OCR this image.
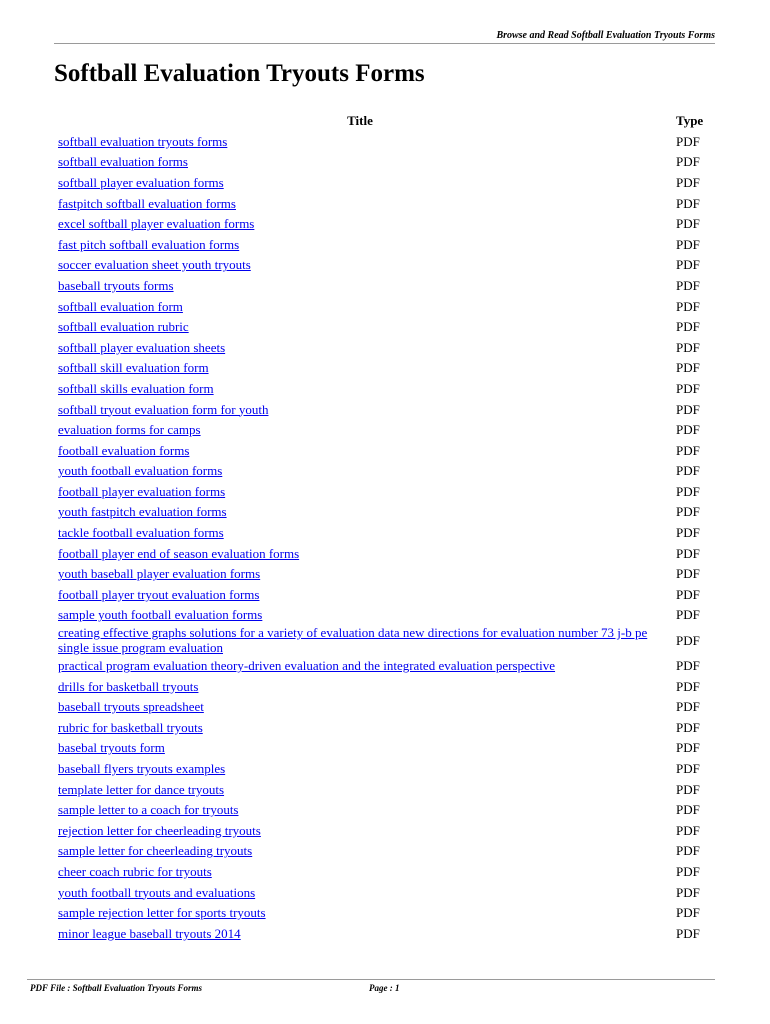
Browse and Read Softball Evaluation Tryouts Forms
Softball Evaluation Tryouts Forms
Title	Type
softball evaluation tryouts forms	PDF
softball evaluation forms	PDF
softball player evaluation forms	PDF
fastpitch softball evaluation forms	PDF
excel softball player evaluation forms	PDF
fast pitch softball evaluation forms	PDF
soccer evaluation sheet youth tryouts	PDF
baseball tryouts forms	PDF
softball evaluation form	PDF
softball evaluation rubric	PDF
softball player evaluation sheets	PDF
softball skill evaluation form	PDF
softball skills evaluation form	PDF
softball tryout evaluation form for youth	PDF
evaluation forms for camps	PDF
football evaluation forms	PDF
youth football evaluation forms	PDF
football player evaluation forms	PDF
youth fastpitch evaluation forms	PDF
tackle football evaluation forms	PDF
football player end of season evaluation forms	PDF
youth baseball player evaluation forms	PDF
football player tryout evaluation forms	PDF
sample youth football evaluation forms	PDF
creating effective graphs solutions for a variety of evaluation data new directions for evaluation number 73 j-b pe single issue program evaluation	PDF
practical program evaluation theory-driven evaluation and the integrated evaluation perspective	PDF
drills for basketball tryouts	PDF
baseball tryouts spreadsheet	PDF
rubric for basketball tryouts	PDF
basebal tryouts form	PDF
baseball flyers tryouts examples	PDF
template letter for dance tryouts	PDF
sample letter to a coach for tryouts	PDF
rejection letter for cheerleading tryouts	PDF
sample letter for cheerleading tryouts	PDF
cheer coach rubric for tryouts	PDF
youth football tryouts and evaluations	PDF
sample rejection letter for sports tryouts	PDF
minor league baseball tryouts 2014	PDF
PDF File : Softball Evaluation Tryouts Forms	Page : 1
